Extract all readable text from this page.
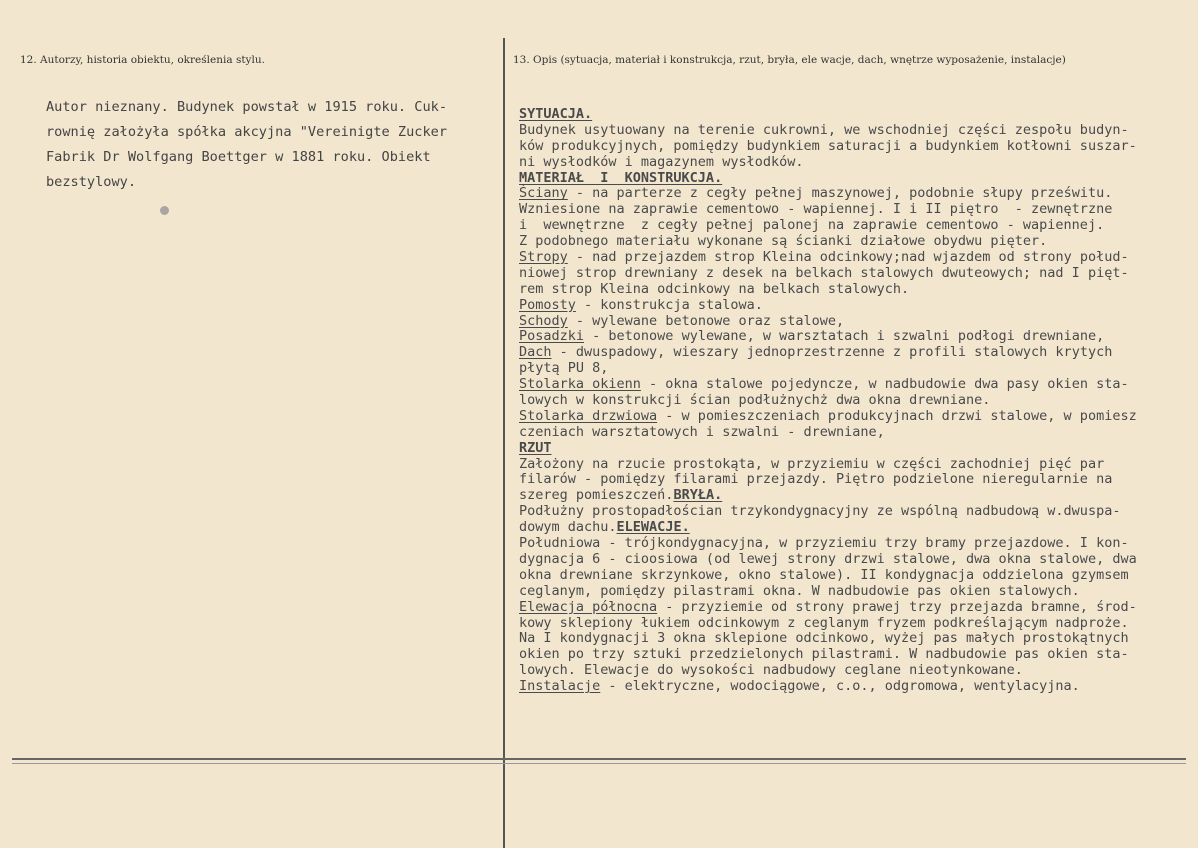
12. Autorzy, historia obiektu, określenia stylu.	13. Opis (sytuacja, materiał i konstrukcja, rzut, bryła, ele wacje, dach, wnętrze wyposażenie, instalacje)
Autor nieznany. Budynek powstał w 1915 roku. Cuk-
rownię założyła spółka akcyjna "Vereinigte Zucker
Fabrik Dr Wolfgang Boettger w 1881 roku. Obiekt
bezstylowy.
SYTUACJA.
Budynek usytuowany na terenie cukrowni, we wschodniej części zespołu budyn-
ków produkcyjnych, pomiędzy budynkiem saturacji a budynkiem kotłowni suszar-
ni wysłodków i magazynem wysłodków.
MATERIAŁ  I  KONSTRUKCJA.
Ściany - na parterze z cegły pełnej maszynowej, podobnie słupy prześwitu.
Wzniesione na zaprawie cementowo - wapiennej. I i II piętro  - zewnętrzne
i  wewnętrzne  z cegły pełnej palonej na zaprawie cementowo - wapiennej.
Z podobnego materiału wykonane są ścianki działowe obydwu pięter.
Stropy - nad przejazdem strop Kleina odcinkowy;nad wjazdem od strony połud-
niowej strop drewniany z desek na belkach stalowych dwuteowych; nad I pięt-
rem strop Kleina odcinkowy na belkach stalowych.
Pomosty - konstrukcja stalowa.
Schody - wylewane betonowe oraz stalowe,
Posadzki - betonowe wylewane, w warsztatach i szwalni podłogi drewniane,
Dach - dwuspadowy, wieszary jednoprzestrzenne z profili stalowych krytych
płytą PU 8,
Stolarka okienn - okna stalowe pojedyncze, w nadbudowie dwa pasy okien sta-
lowych w konstrukcji ścian podłużnychż dwa okna drewniane.
Stolarka drzwiowa - w pomieszczeniach produkcyjnach drzwi stalowe, w pomiesz
czeniach warsztatowych i szwalni - drewniane,
RZUT
Założony na rzucie prostokąta, w przyziemiu w części zachodniej pięć par
filarów - pomiędzy filarami przejazdy. Piętro podzielone nieregularnie na
szereg pomieszczeń.BRYŁA.
Podłużny prostopadłościan trzykondygnacyjny ze wspólną nadbudową w.dwuspa-
dowym dachu.ELEWACJE.
Południowa - trójkondygnacyjna, w przyziemiu trzy bramy przejazdowe. I kon-
dygnacja 6 - cioosiowa (od lewej strony drzwi stalowe, dwa okna stalowe, dwa
okna drewniane skrzynkowe, okno stalowe). II kondygnacja oddzielona gzymsem
ceglanym, pomiędzy pilastrami okna. W nadbudowie pas okien stalowych.
Elewacja północna - przyziemie od strony prawej trzy przejazda bramne, środ-
kowy sklepiony łukiem odcinkowym z ceglanym fryzem podkreślającym nadproże.
Na I kondygnacji 3 okna sklepione odcinkowo, wyżej pas małych prostokątnych
okien po trzy sztuki przedzielonych pilastrami. W nadbudowie pas okien sta-
lowych. Elewacje do wysokości nadbudowy ceglane nieotynkowane.
Instalacje - elektryczne, wodociągowe, c.o., odgromowa, wentylacyjna.
